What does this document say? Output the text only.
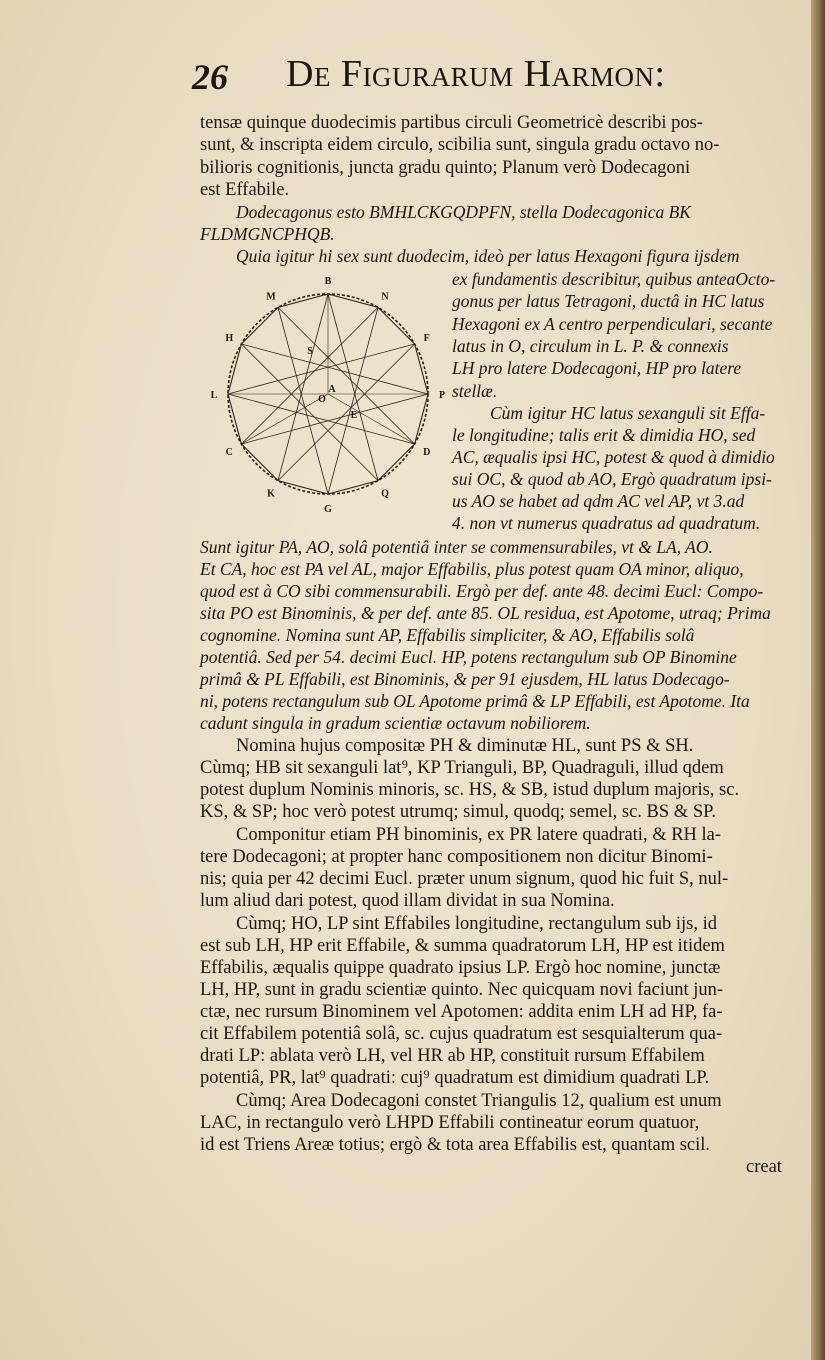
26 De Figurarum Harmon:
tensæ quinque duodecimis partibus circuli Geometricè describi pos-
sunt, & inscripta eidem circulo, scibilia sunt, singula gradu octavo no-
bilioris cognitionis, juncta gradu quinto; Planum verò Dodecagoni
est Effabile.
Dodecagonus esto BMHLCKGQDPFN, stella Dodecagonica BK
FLDMGNCPHQB.
Quia igitur hi sex sunt duodecim, ideò per latus Hexagoni figura ijsdem
ex fundamentis describitur, quibus anteaOcto-
gonus per latus Tetragoni, ductâ in HC latus
Hexagoni ex A centro perpendiculari, secante
latus in O, circulum in L. P. & connexis
LH pro latere Dodecagoni, HP pro latere
stellæ.
Cùm igitur HC latus sexanguli sit Effa-
le longitudine; talis erit & dimidia HO, sed
AC, æqualis ipsi HC, potest & quod à dimidio
sui OC, & quod ab AO, Ergò quadratum ipsi-
us AO se habet ad qdm AC vel AP, vt 3.ad
4. non vt numerus quadratus ad quadratum.
Sunt igitur PA, AO, solâ potentiâ inter se commensurabiles, vt & LA, AO.
Et CA, hoc est PA vel AL, major Effabilis, plus potest quam OA minor, aliquo,
quod est à CO sibi commensurabili. Ergò per def. ante 48. decimi Eucl: Compo-
sita PO est Binominis, & per def. ante 85. OL residua, est Apotome, utraq; Prima
cognomine. Nomina sunt AP, Effabilis simpliciter, & AO, Effabilis solâ
potentiâ. Sed per 54. decimi Eucl. HP, potens rectangulum sub OP Binomine
primâ & PL Effabili, est Binominis, & per 91 ejusdem, HL latus Dodecago-
ni, potens rectangulum sub OL Apotome primâ & LP Effabili, est Apotome. Ita
cadunt singula in gradum scientiæ octavum nobiliorem.
Nomina hujus compositæ PH & diminutæ HL, sunt PS & SH.
Cùmq; HB sit sexanguli lat⁹, KP Trianguli, BP, Quadraguli, illud qdem
potest duplum Nominis minoris, sc. HS, & SB, istud duplum majoris, sc.
KS, & SP; hoc verò potest utrumq; simul, quodq; semel, sc. BS & SP.
Componitur etiam PH binominis, ex PR latere quadrati, & RH la-
tere Dodecagoni; at propter hanc compositionem non dicitur Binomi-
nis; quia per 42 decimi Eucl. præter unum signum, quod hic fuit S, nul-
lum aliud dari potest, quod illam dividat in sua Nomina.
Cùmq; HO, LP sint Effabiles longitudine, rectangulum sub ijs, id
est sub LH, HP erit Effabile, & summa quadratorum LH, HP est itidem
Effabilis, æqualis quippe quadrato ipsius LP. Ergò hoc nomine, junctæ
LH, HP, sunt in gradu scientiæ quinto. Nec quicquam novi faciunt jun-
ctæ, nec rursum Binominem vel Apotomen: addita enim LH ad HP, fa-
cit Effabilem potentiâ solâ, sc. cujus quadratum est sesquialterum qua-
drati LP: ablata verò LH, vel HR ab HP, constituit rursum Effabilem
potentiâ, PR, lat⁹ quadrati: cuj⁹ quadratum est dimidium quadrati LP.
Cùmq; Area Dodecagoni constet Triangulis 12, qualium est unum
LAC, in rectangulo verò LHPD Effabili contineatur eorum quatuor,
id est Triens Areæ totius; ergò & tota area Effabilis est, quantam scil.
creat
B
N
F
P
D
Q
G
K
C
L
H
M
A
E
S
O
